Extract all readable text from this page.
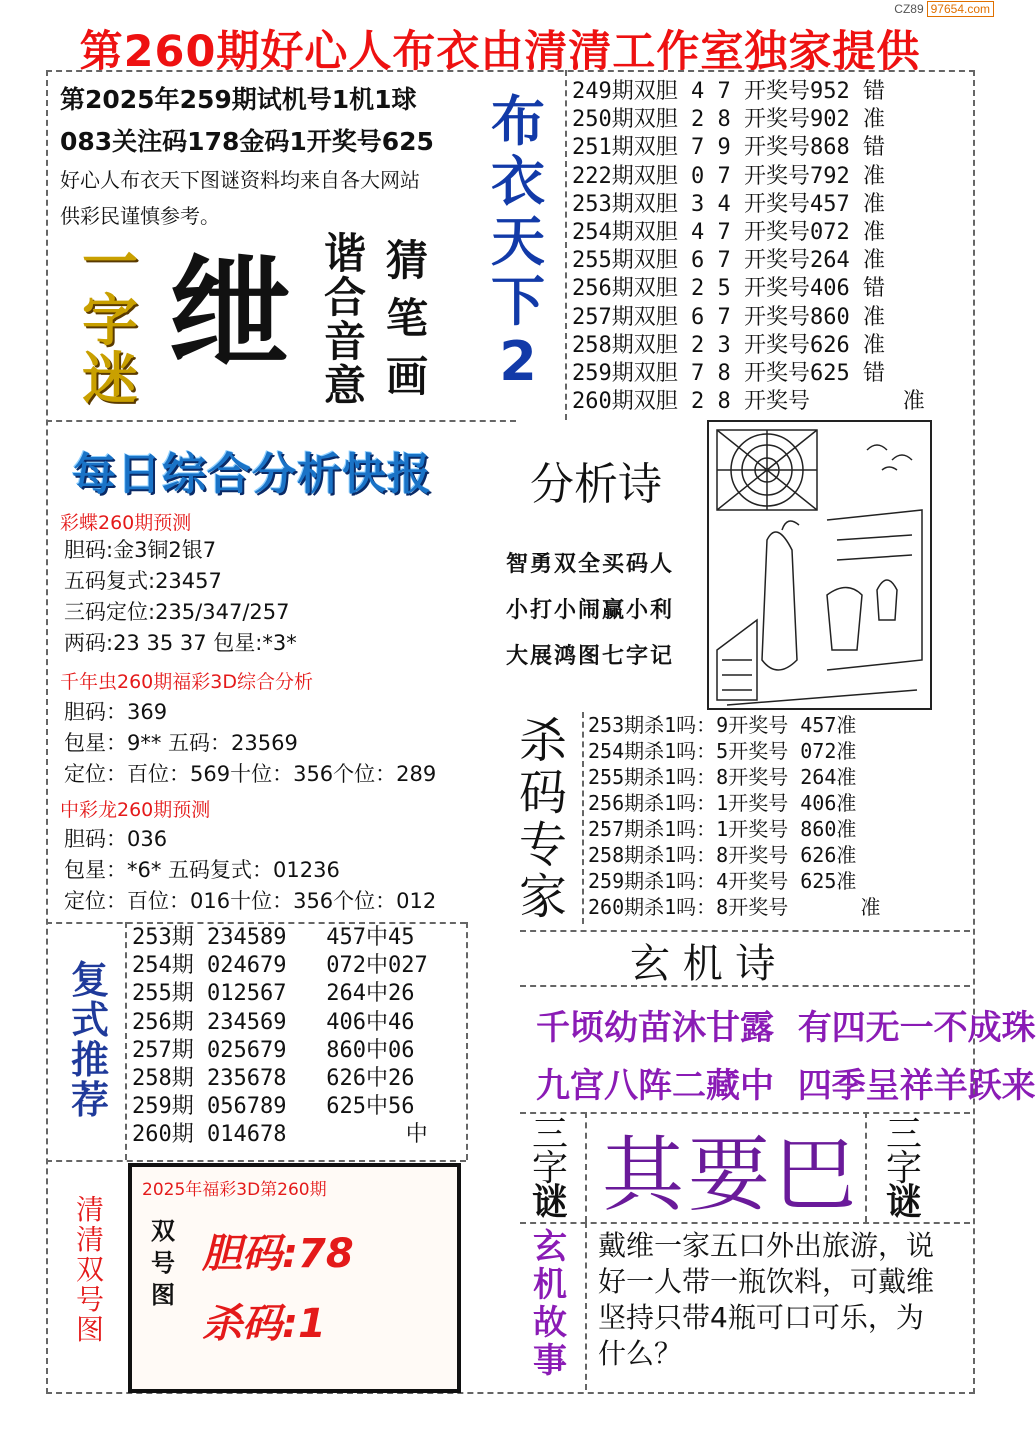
CZ89 97654.com
第260期好心人布衣由清清工作室独家提供
第2025年259期试机号1机1球
083关注码178金码1开奖号625
好心人布衣天下图谜资料均来自各大网站
供彩民谨慎参考。
布
衣
天
下
2
一
字
迷 绁 谐
合
音
意
猜
笔
画
249期双胆 4 7 开奖号952 错
250期双胆 2 8 开奖号902 准
251期双胆 7 9 开奖号868 错
222期双胆 0 7 开奖号792 准
253期双胆 3 4 开奖号457 准
254期双胆 4 7 开奖号072 准
255期双胆 6 7 开奖号264 准
256期双胆 2 5 开奖号406 错
257期双胆 6 7 开奖号860 准
258期双胆 2 3 开奖号626 准
259期双胆 7 8 开奖号625 错
260期双胆 2 8 开奖号	准
每日综合分析快报
彩蝶260期预测
胆码:金3铜2银7
五码复式:23457
三码定位:235/347/257
两码:23 35 37 包星:*3*
千年虫260期福彩3D综合分析
胆码：369
包星：9** 五码：23569
定位：百位：569十位：356个位：289
中彩龙260期预测
胆码：036
包星：*6* 五码复式：01236
定位：百位：016十位：356个位：012
分析诗
智勇双全买码人
小打小闹赢小利
大展鸿图七字记
杀
码
专
家
253期杀1吗：9开奖号 457准
254期杀1吗：5开奖号 072准
255期杀1吗：8开奖号 264准
256期杀1吗：1开奖号 406准
257期杀1吗：1开奖号 860准
258期杀1吗：8开奖号 626准
259期杀1吗：4开奖号 625准
260期杀1吗：8开奖号	准
复
式
推
荐
253期 234589 457中45
254期 024679 072中027
255期 012567 264中26
256期 234569 406中46
257期 025679 860中06
258期 235678 626中26
259期 056789 625中56
260期 014678	中
玄 机 诗
千顷幼苗沐甘露 有四无一不成珠
九宫八阵二藏中 四季呈祥羊跃来
三
字
谜 其要巴 三
字
谜
清
清
双
号
图
2025年福彩3D第260期
双
号
图
胆码:78
杀码:1
玄
机
故
事
戴维一家五口外出旅游，说好一人带一瓶饮料，可戴维坚持只带4瓶可口可乐，为什么？
